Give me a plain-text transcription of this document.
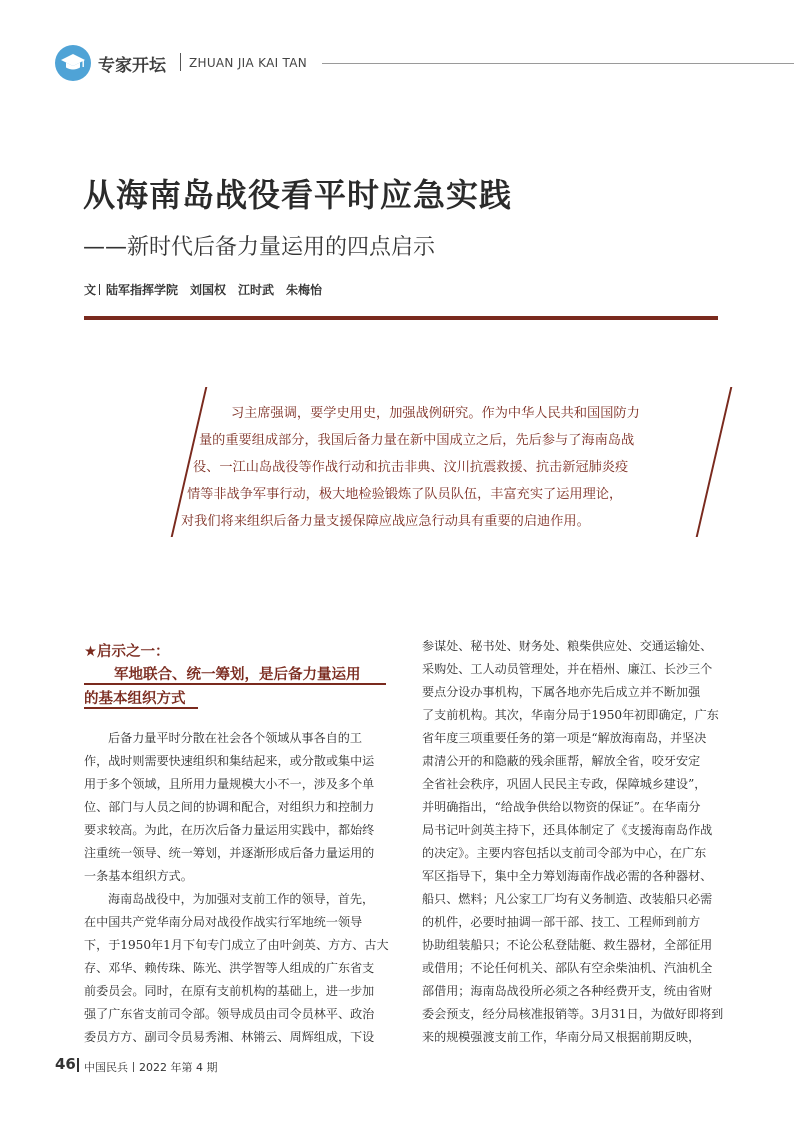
专家开坛 ZHUAN JIA KAI TAN
从海南岛战役看平时应急实践
——新时代后备力量运用的四点启示
文 陆军指挥学院　刘国权　江时武　朱梅怡
习主席强调，要学史用史，加强战例研究。作为中华人民共和国国防力
量的重要组成部分，我国后备力量在新中国成立之后，先后参与了海南岛战
役、一江山岛战役等作战行动和抗击非典、汶川抗震救援、抗击新冠肺炎疫
情等非战争军事行动，极大地检验锻炼了队员队伍，丰富充实了运用理论，
对我们将来组织后备力量支援保障应战应急行动具有重要的启迪作用。
★启示之一：
军地联合、统一筹划，是后备力量运用
的基本组织方式
后备力量平时分散在社会各个领域从事各自的工
作，战时则需要快速组织和集结起来，或分散或集中运
用于多个领域，且所用力量规模大小不一，涉及多个单
位、部门与人员之间的协调和配合，对组织力和控制力
要求较高。为此，在历次后备力量运用实践中，都始终
注重统一领导、统一筹划，并逐渐形成后备力量运用的
一条基本组织方式。
海南岛战役中，为加强对支前工作的领导，首先，
在中国共产党华南分局对战役作战实行军地统一领导
下，于1950年1月下旬专门成立了由叶剑英、方方、古大
存、邓华、赖传珠、陈光、洪学智等人组成的广东省支
前委员会。同时，在原有支前机构的基础上，进一步加
强了广东省支前司令部。领导成员由司令员林平、政治
委员方方、副司令员易秀湘、林锵云、周辉组成，下设
参谋处、秘书处、财务处、粮柴供应处、交通运输处、
采购处、工人动员管理处，并在梧州、廉江、长沙三个
要点分设办事机构，下属各地亦先后成立并不断加强
了支前机构。其次，华南分局于1950年初即确定，广东
省年度三项重要任务的第一项是“解放海南岛，并坚决
肃清公开的和隐蔽的残余匪帮，解放全省，咬牙安定
全省社会秩序，巩固人民民主专政，保障城乡建设”，
并明确指出，“给战争供给以物资的保证”。在华南分
局书记叶剑英主持下，还具体制定了《支援海南岛作战
的决定》。主要内容包括以支前司令部为中心，在广东
军区指导下，集中全力筹划海南作战必需的各种器材、
船只、燃料；凡公家工厂均有义务制造、改装船只必需
的机件，必要时抽调一部干部、技工、工程师到前方
协助组装船只；不论公私登陆艇、救生器材，全部征用
或借用；不论任何机关、部队有空余柴油机、汽油机全
部借用；海南岛战役所必须之各种经费开支，统由省财
委会预支，经分局核准报销等。3月31日，为做好即将到
来的规模强渡支前工作，华南分局又根据前期反映，
46 中国民兵 2022 年第 4 期
